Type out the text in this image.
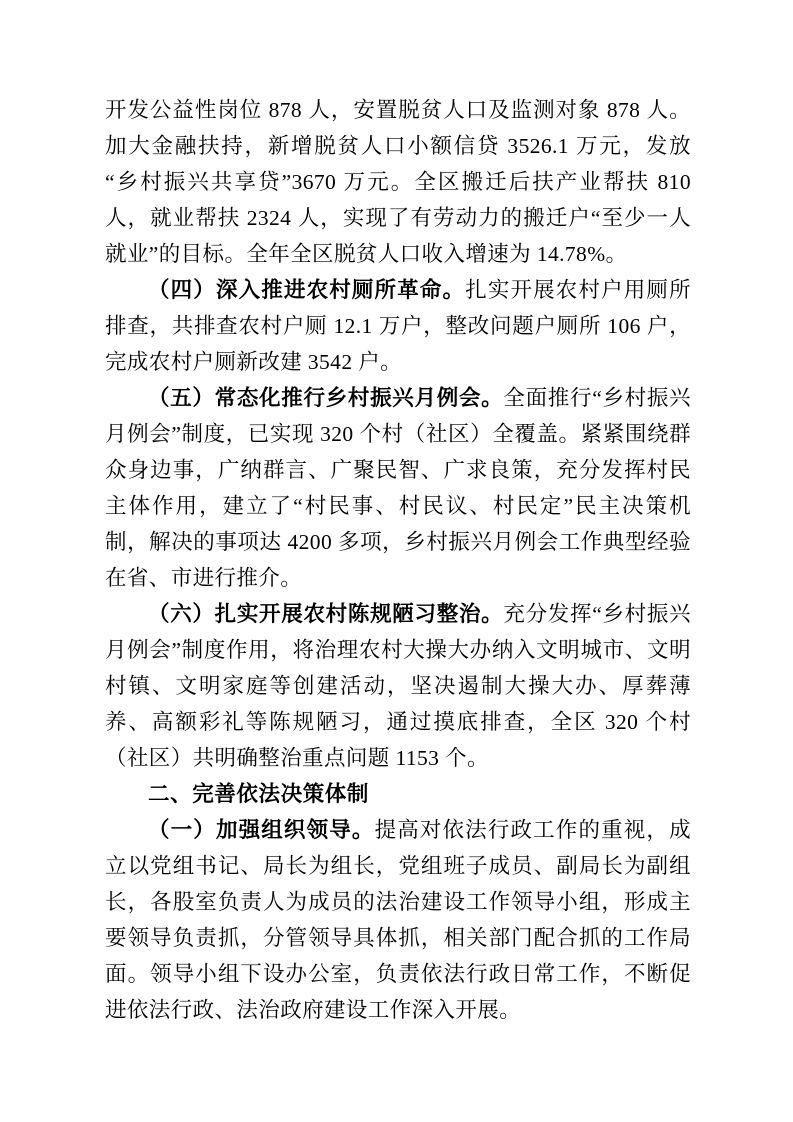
开发公益性岗位 878 人，安置脱贫人口及监测对象 878 人。加大金融扶持，新增脱贫人口小额信贷 3526.1 万元，发放“乡村振兴共享贷”3670 万元。全区搬迁后扶产业帮扶 810 人，就业帮扶 2324 人，实现了有劳动力的搬迁户“至少一人就业”的目标。全年全区脱贫人口收入增速为 14.78%。

（四）深入推进农村厕所革命。扎实开展农村户用厕所排查，共排查农村户厕 12.1 万户，整改问题户厕所 106 户，完成农村户厕新改建 3542 户。

（五）常态化推行乡村振兴月例会。全面推行“乡村振兴月例会”制度，已实现 320 个村（社区）全覆盖。紧紧围绕群众身边事，广纳群言、广聚民智、广求良策，充分发挥村民主体作用，建立了“村民事、村民议、村民定”民主决策机制，解决的事项达 4200 多项，乡村振兴月例会工作典型经验在省、市进行推介。

（六）扎实开展农村陈规陋习整治。充分发挥“乡村振兴月例会”制度作用，将治理农村大操大办纳入文明城市、文明村镇、文明家庭等创建活动，坚决遏制大操大办、厚葬薄养、高额彩礼等陈规陋习，通过摸底排查，全区 320 个村（社区）共明确整治重点问题 1153 个。

二、完善依法决策体制

（一）加强组织领导。提高对依法行政工作的重视，成立以党组书记、局长为组长，党组班子成员、副局长为副组长，各股室负责人为成员的法治建设工作领导小组，形成主要领导负责抓，分管领导具体抓，相关部门配合抓的工作局面。领导小组下设办公室，负责依法行政日常工作，不断促进依法行政、法治政府建设工作深入开展。
